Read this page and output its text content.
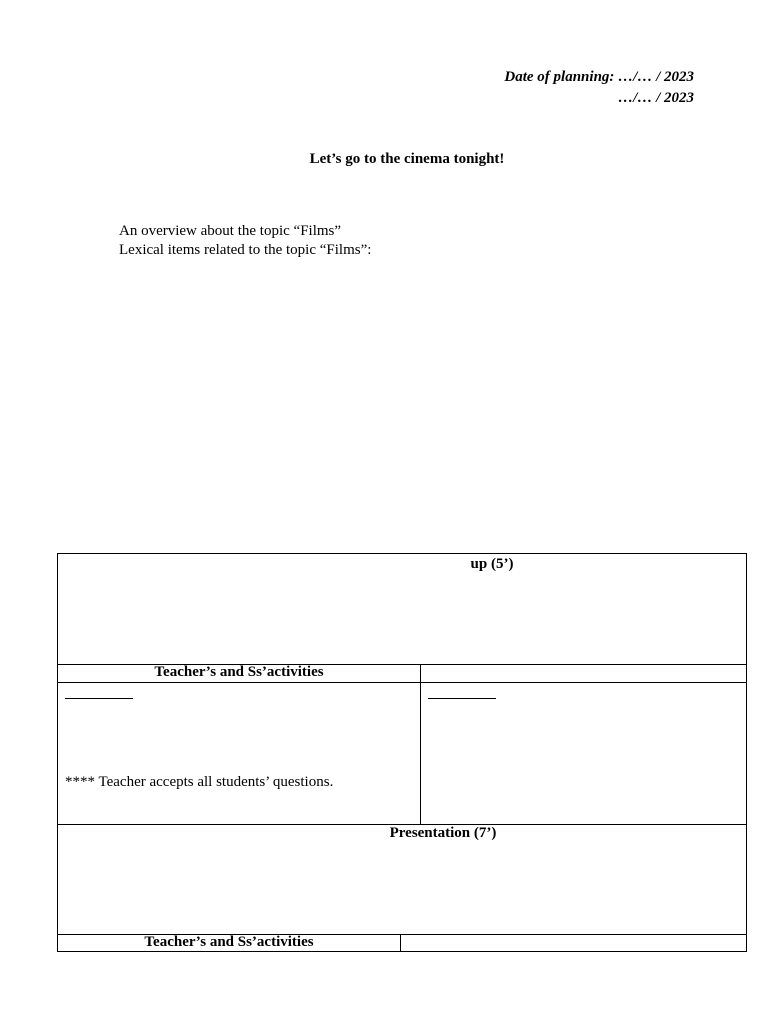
Date of planning: …/… / 2023
…/… / 2023
Let’s go to the cinema tonight!
An overview about the topic “Films”
Lexical items related to the topic “Films”:
up (5’)
Teacher’s and Ss’activities
**** Teacher accepts all students’ questions.
Presentation (7’)
Teacher’s and Ss’activities
